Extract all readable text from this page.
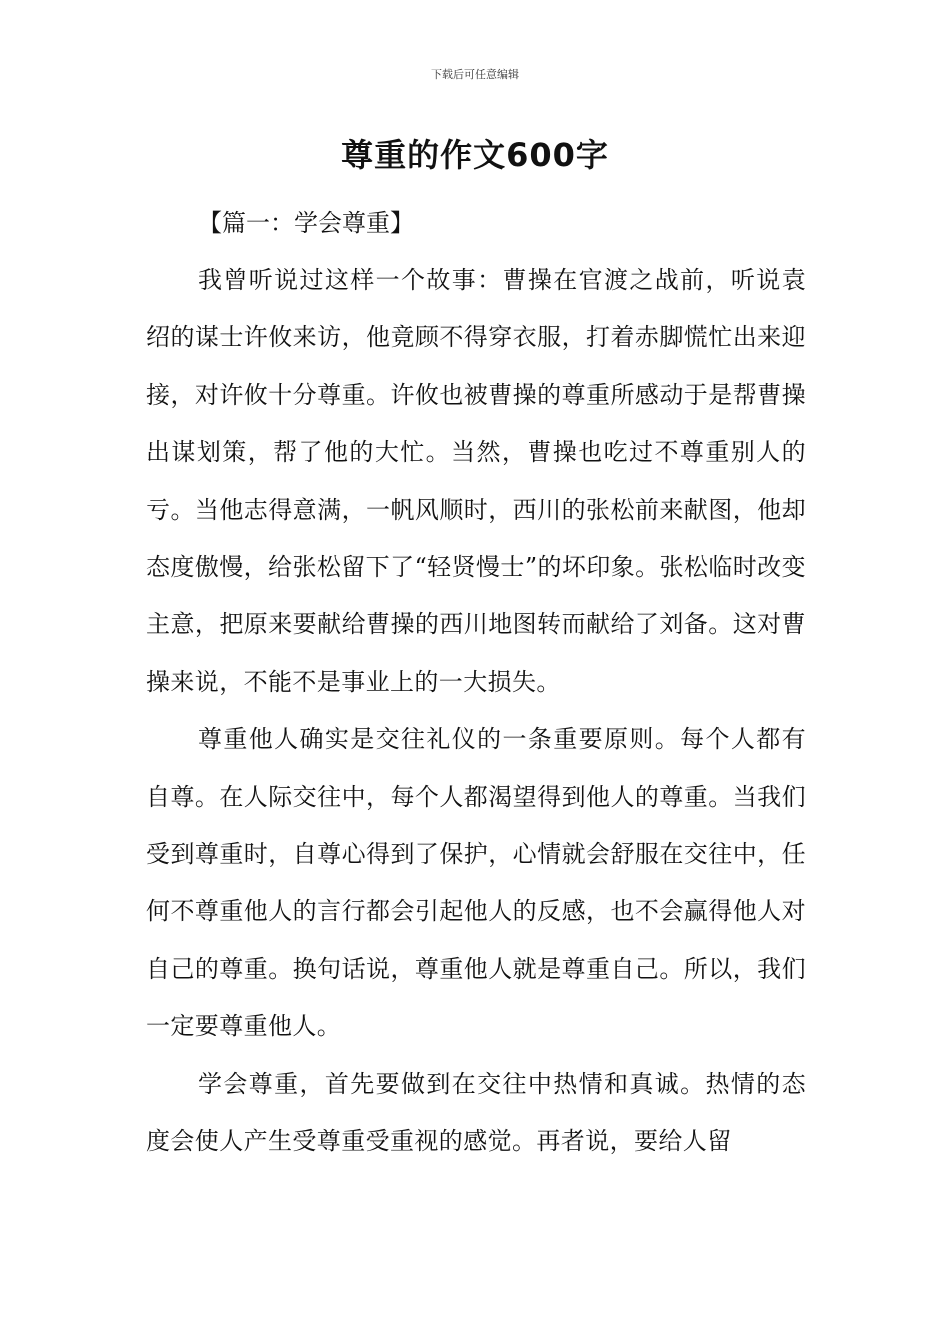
下载后可任意编辑
尊重的作文600字
【篇一：学会尊重】

我曾听说过这样一个故事：曹操在官渡之战前，听说袁绍的谋士许攸来访，他竟顾不得穿衣服，打着赤脚慌忙出来迎接，对许攸十分尊重。许攸也被曹操的尊重所感动于是帮曹操出谋划策，帮了他的大忙。当然，曹操也吃过不尊重别人的亏。当他志得意满，一帆风顺时，西川的张松前来献图，他却态度傲慢，给张松留下了“轻贤慢士”的坏印象。张松临时改变主意，把原来要献给曹操的西川地图转而献给了刘备。这对曹操来说，不能不是事业上的一大损失。

尊重他人确实是交往礼仪的一条重要原则。每个人都有自尊。在人际交往中，每个人都渴望得到他人的尊重。当我们受到尊重时，自尊心得到了保护，心情就会舒服在交往中，任何不尊重他人的言行都会引起他人的反感，也不会赢得他人对自己的尊重。换句话说，尊重他人就是尊重自己。所以，我们一定要尊重他人。

学会尊重，首先要做到在交往中热情和真诚。热情的态度会使人产生受尊重受重视的感觉。再者说，要给人留
